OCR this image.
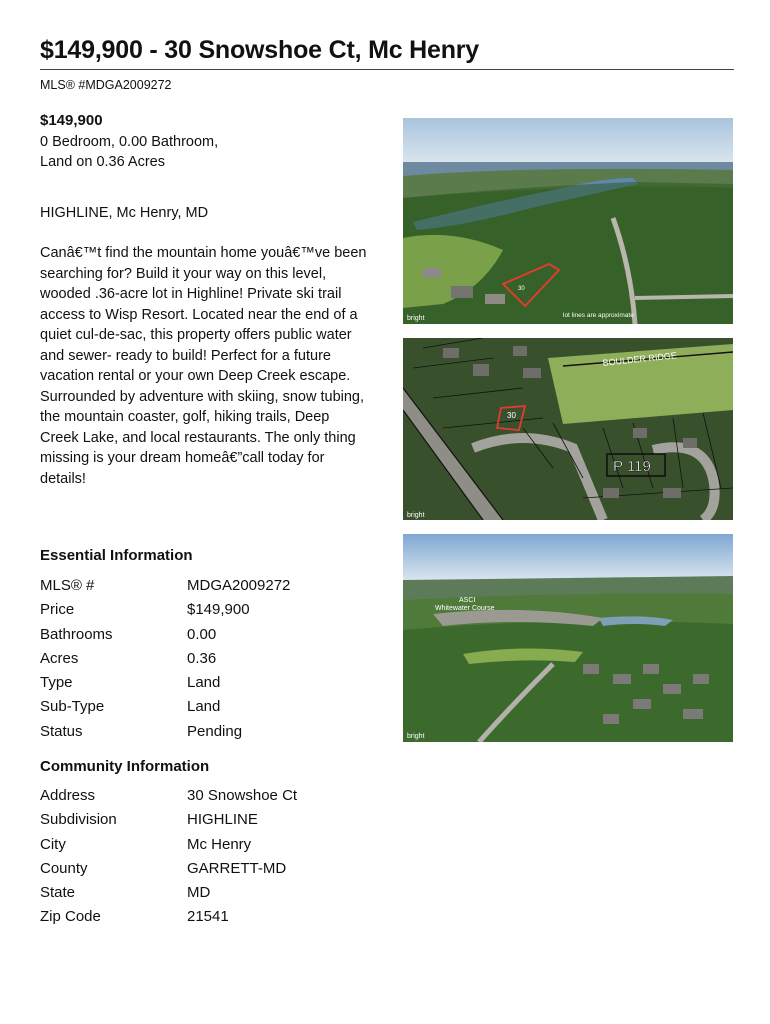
$149,900 - 30 Snowshoe Ct, Mc Henry
MLS® #MDGA2009272
$149,900
0 Bedroom, 0.00 Bathroom,
Land on 0.36 Acres
HIGHLINE, Mc Henry, MD
Canâ€™t find the mountain home youâ€™ve been searching for? Build it your way on this level, wooded .36-acre lot in Highline! Private ski trail access to Wisp Resort. Located near the end of a quiet cul-de-sac, this property offers public water and sewer- ready to build! Perfect for a future vacation rental or your own Deep Creek escape. Surrounded by adventure with skiing, snow tubing, the mountain coaster, golf, hiking trails, Deep Creek Lake, and local restaurants. The only thing missing is your dream homeâ€”call today for details!
Essential Information
MLS® #	MDGA2009272
Price	$149,900
Bathrooms	0.00
Acres	0.36
Type	Land
Sub-Type	Land
Status	Pending
Community Information
Address	30 Snowshoe Ct
Subdivision	HIGHLINE
City	Mc Henry
County	GARRETT-MD
State	MD
Zip Code	21541
30
bright	lot lines are approximate
30
BOULDER RIDGE
P 119
bright
ASCI
Whitewater Course
bright
